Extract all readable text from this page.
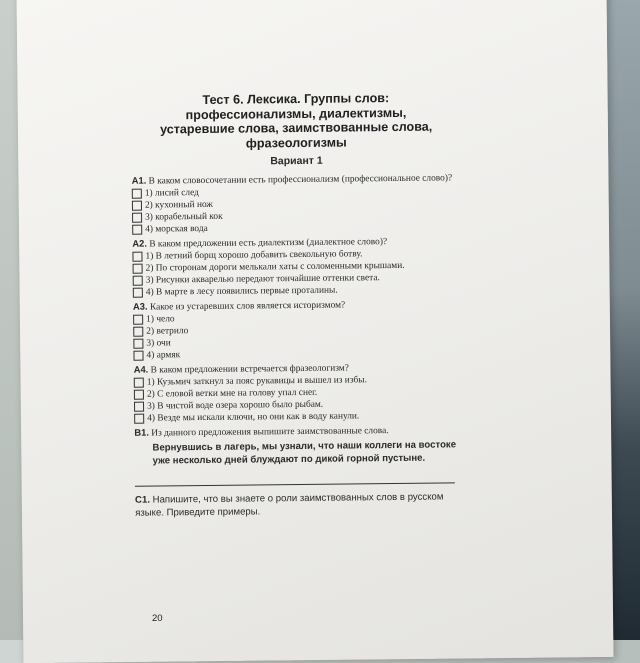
Тест 6. Лексика. Группы слов:
профессионализмы, диалектизмы,
устаревшие слова, заимствованные слова,
фразеологизмы
Вариант 1
A1. В каком словосочетании есть профессионализм (профессиональное слово)?
1) лисий след
2) кухонный нож
3) корабельный кок
4) морская вода
A2. В каком предложении есть диалектизм (диалектное слово)?
1) В летний борщ хорошо добавить свекольную ботву.
2) По сторонам дороги мелькали хаты с соломенными крышами.
3) Рисунки акварелью передают тончайшие оттенки света.
4) В марте в лесу появились первые проталины.
A3. Какое из устаревших слов является историзмом?
1) чело
2) ветрило
3) очи
4) армяк
A4. В каком предложении встречается фразеологизм?
1) Кузьмич заткнул за пояс рукавицы и вышел из избы.
2) С еловой ветки мне на голову упал снег.
3) В чистой воде озера хорошо было рыбам.
4) Везде мы искали ключи, но они как в воду канули.
B1. Из данного предложения выпишите заимствованные слова.
Вернувшись в лагерь, мы узнали, что наши коллеги на востоке уже несколько дней блуждают по дикой горной пустыне.
C1. Напишите, что вы знаете о роли заимствованных слов в русском языке. Приведите примеры.
20
